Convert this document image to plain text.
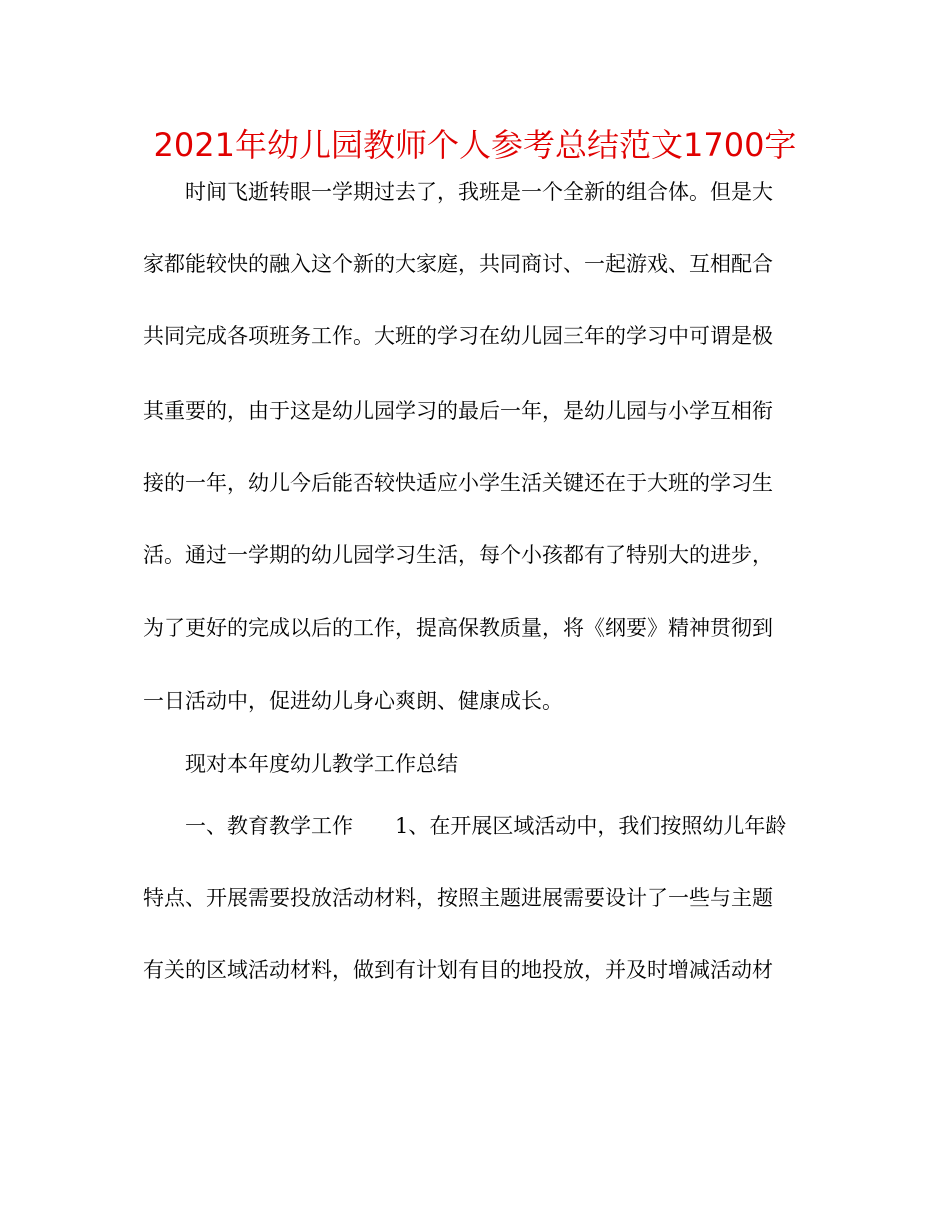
2021年幼儿园教师个人参考总结范文1700字
时间飞逝转眼一学期过去了，我班是一个全新的组合体。但是大
家都能较快的融入这个新的大家庭，共同商讨、一起游戏、互相配合
共同完成各项班务工作。大班的学习在幼儿园三年的学习中可谓是极
其重要的，由于这是幼儿园学习的最后一年，是幼儿园与小学互相衔
接的一年，幼儿今后能否较快适应小学生活关键还在于大班的学习生
活。通过一学期的幼儿园学习生活，每个小孩都有了特别大的进步，
为了更好的完成以后的工作，提高保教质量，将《纲要》精神贯彻到
一日活动中，促进幼儿身心爽朗、健康成长。
现对本年度幼儿教学工作总结
一、教育教学工作　　1、在开展区域活动中，我们按照幼儿年龄
特点、开展需要投放活动材料，按照主题进展需要设计了一些与主题
有关的区域活动材料，做到有计划有目的地投放，并及时增减活动材
